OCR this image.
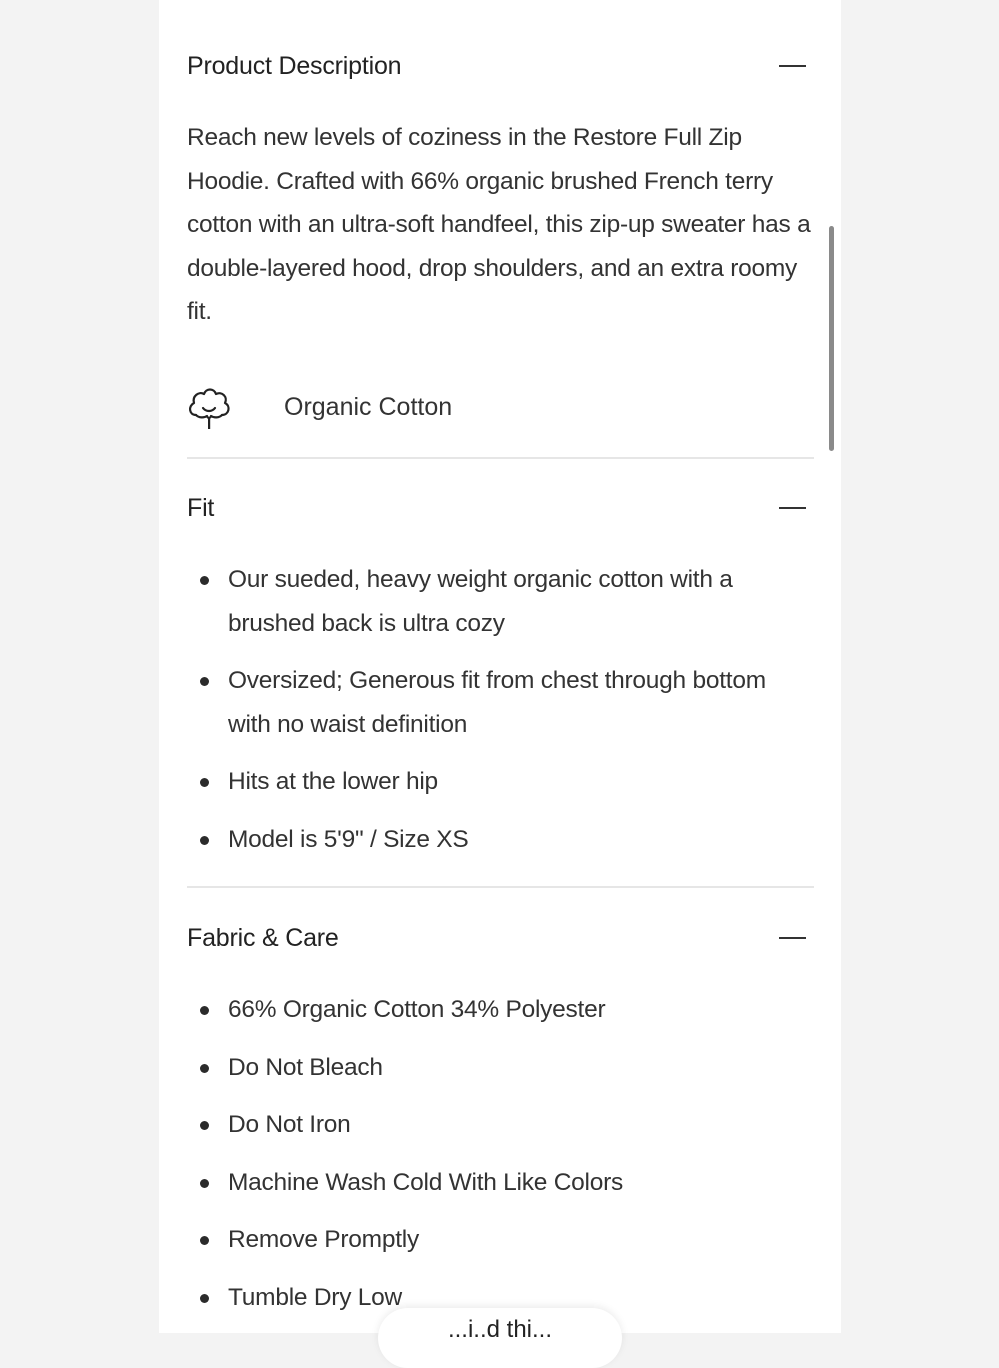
Product Description

Reach new levels of coziness in the Restore Full Zip Hoodie. Crafted with 66% organic brushed French terry cotton with an ultra-soft handfeel, this zip-up sweater has a double-layered hood, drop shoulders, and an extra roomy fit.

Organic Cotton
Fit
Our sueded, heavy weight organic cotton with a brushed back is ultra cozy
Oversized; Generous fit from chest through bottom with no waist definition
Hits at the lower hip
Model is 5'9" / Size XS
Fabric & Care
66% Organic Cotton 34% Polyester
Do Not Bleach
Do Not Iron
Machine Wash Cold With Like Colors
Remove Promptly
Tumble Dry Low
...i..d thi...
